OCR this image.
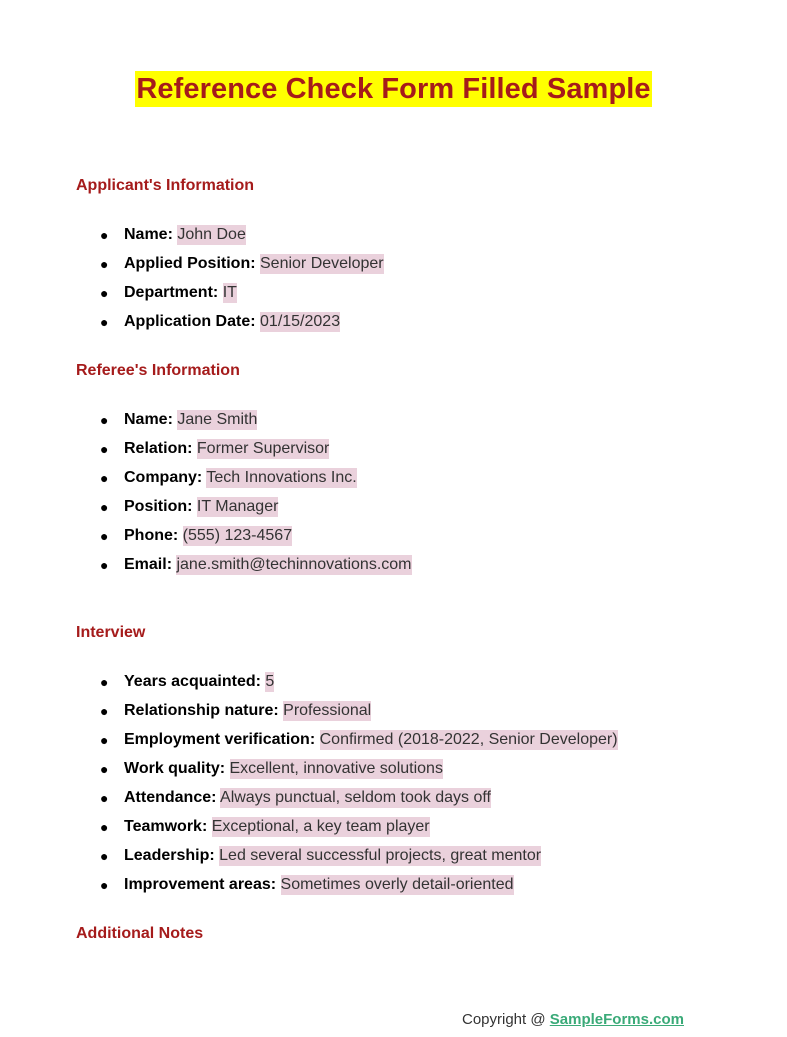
Reference Check Form Filled Sample
Applicant's Information
● Name: John Doe
● Applied Position: Senior Developer
● Department: IT
● Application Date: 01/15/2023
Referee's Information
● Name: Jane Smith
● Relation: Former Supervisor
● Company: Tech Innovations Inc.
● Position: IT Manager
● Phone: (555) 123-4567
● Email: jane.smith@techinnovations.com
Interview
● Years acquainted: 5
● Relationship nature: Professional
● Employment verification: Confirmed (2018-2022, Senior Developer)
● Work quality: Excellent, innovative solutions
● Attendance: Always punctual, seldom took days off
● Teamwork: Exceptional, a key team player
● Leadership: Led several successful projects, great mentor
● Improvement areas: Sometimes overly detail-oriented
Additional Notes
Copyright @ SampleForms.com
